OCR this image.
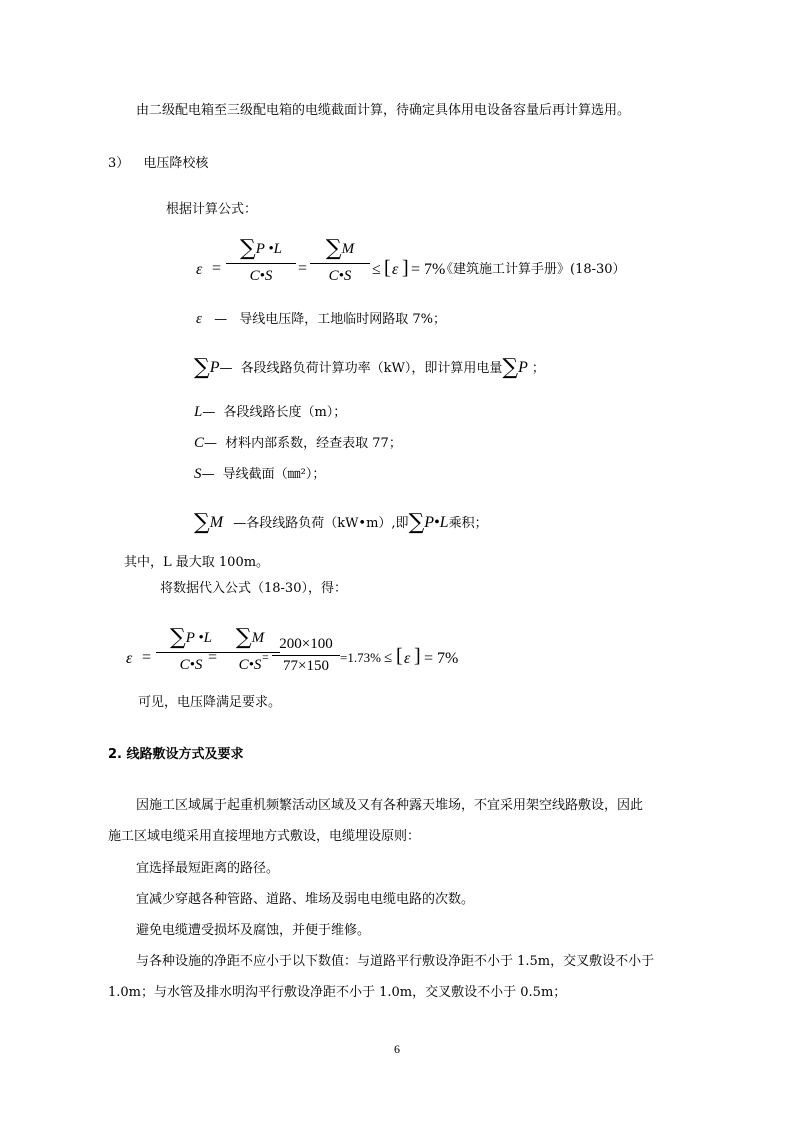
由二级配电箱至三级配电箱的电缆截面计算，待确定具体用电设备容量后再计算选用。
3） 电压降校核
根据计算公式：
ε =
∑P •L
C•S	=
∑M
C•S	≤ [ ε ] = 7%
《建筑施工计算手册》(18-30）
ε — 导线电压降，工地临时网路取 7%；
∑P— 各段线路负荷计算功率（kW），即计算用电量∑P ；
L— 各段线路长度（m）；
C— 材料内部系数，经查表取 77；
S— 导线截面（㎜²）；
∑M —各段线路负荷（kW•m）,即∑P•L乘积；
其中，L 最大取 100m。
将数据代入公式（18-30），得：
ε =
∑P •L
C•S =
∑M
C•S =
200×100
77×150
=1.73% ≤ [ ε ] = 7%
可见，电压降满足要求。
2. 线路敷设方式及要求
因施工区域属于起重机频繁活动区域及又有各种露天堆场，不宜采用架空线路敷设，因此
施工区域电缆采用直接埋地方式敷设，电缆埋设原则：
宜选择最短距离的路径。
宜减少穿越各种管路、道路、堆场及弱电电缆电路的次数。
避免电缆遭受损坏及腐蚀，并便于维修。
与各种设施的净距不应小于以下数值：与道路平行敷设净距不小于 1.5m，交叉敷设不小于
1.0m；与水管及排水明沟平行敷设净距不小于 1.0m，交叉敷设不小于 0.5m；
6
